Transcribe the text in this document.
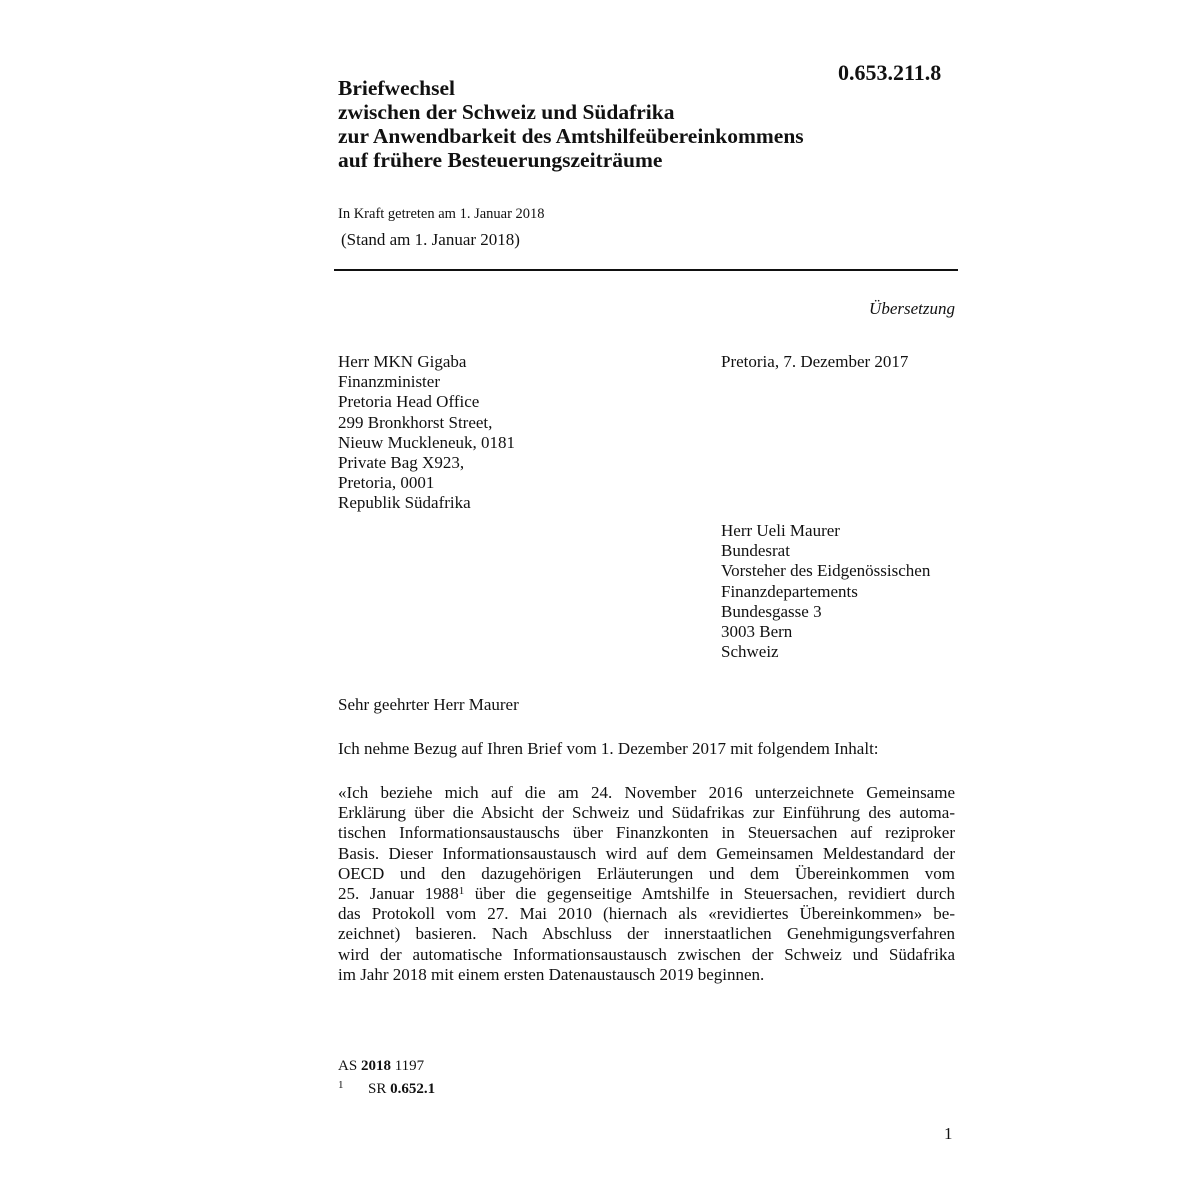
0.653.211.8
Briefwechsel
zwischen der Schweiz und Südafrika
zur Anwendbarkeit des Amtshilfeübereinkommens
auf frühere Besteuerungszeiträume
In Kraft getreten am 1. Januar 2018
(Stand am 1. Januar 2018)
Übersetzung
Herr MKN Gigaba
Finanzminister
Pretoria Head Office
299 Bronkhorst Street,
Nieuw Muckleneuk, 0181
Private Bag X923,
Pretoria, 0001
Republik Südafrika
Pretoria, 7. Dezember 2017
Herr Ueli Maurer
Bundesrat
Vorsteher des Eidgenössischen
Finanzdepartements
Bundesgasse 3
3003 Bern
Schweiz
Sehr geehrter Herr Maurer
Ich nehme Bezug auf Ihren Brief vom 1. Dezember 2017 mit folgendem Inhalt:
«Ich beziehe mich auf die am 24. November 2016 unterzeichnete Gemeinsame
Erklärung über die Absicht der Schweiz und Südafrikas zur Einführung des automa-
tischen Informationsaustauschs über Finanzkonten in Steuersachen auf reziproker
Basis. Dieser Informationsaustausch wird auf dem Gemeinsamen Meldestandard der
OECD und den dazugehörigen Erläuterungen und dem Übereinkommen vom
25. Januar 1988$^1$ über die gegenseitige Amtshilfe in Steuersachen, revidiert durch
das Protokoll vom 27. Mai 2010 (hiernach als «revidiertes Übereinkommen» be-
zeichnet) basieren. Nach Abschluss der innerstaatlichen Genehmigungsverfahren
wird der automatische Informationsaustausch zwischen der Schweiz und Südafrika
im Jahr 2018 mit einem ersten Datenaustausch 2019 beginnen.
AS 2018 1197
1 SR 0.652.1
1
